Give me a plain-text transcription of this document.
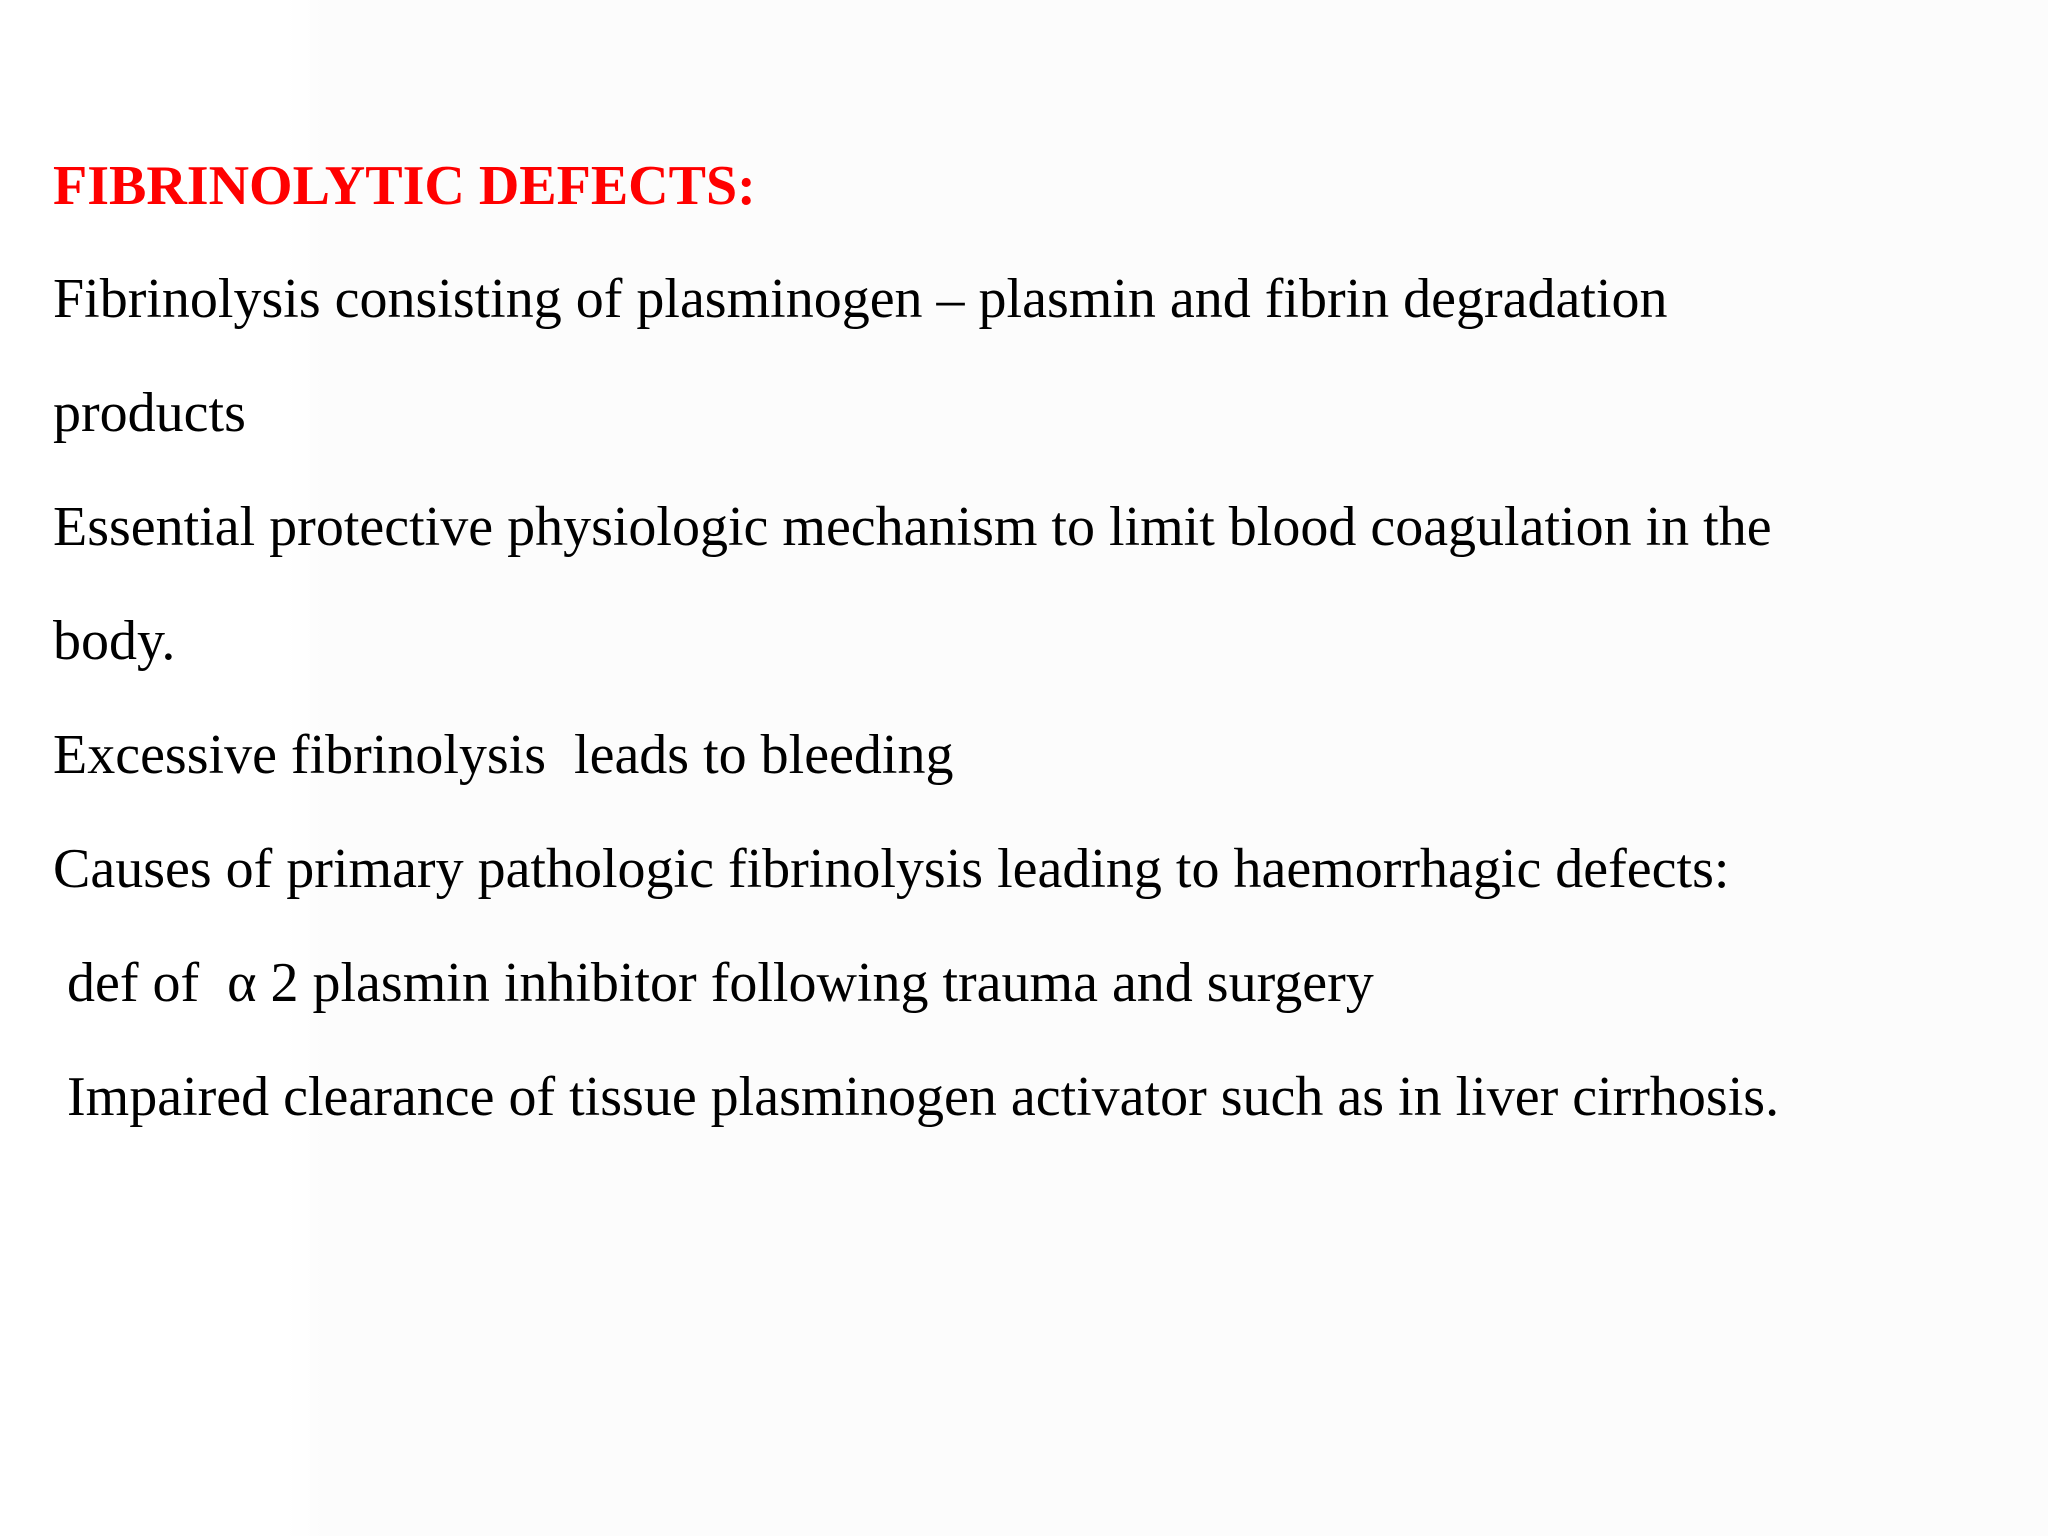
FIBRINOLYTIC DEFECTS:
Fibrinolysis consisting of plasminogen – plasmin and fibrin degradation
products
Essential protective physiologic mechanism to limit blood coagulation in the
body.
Excessive fibrinolysis  leads to bleeding
Causes of primary pathologic fibrinolysis leading to haemorrhagic defects:
def of  α 2 plasmin inhibitor following trauma and surgery
Impaired clearance of tissue plasminogen activator such as in liver cirrhosis.
